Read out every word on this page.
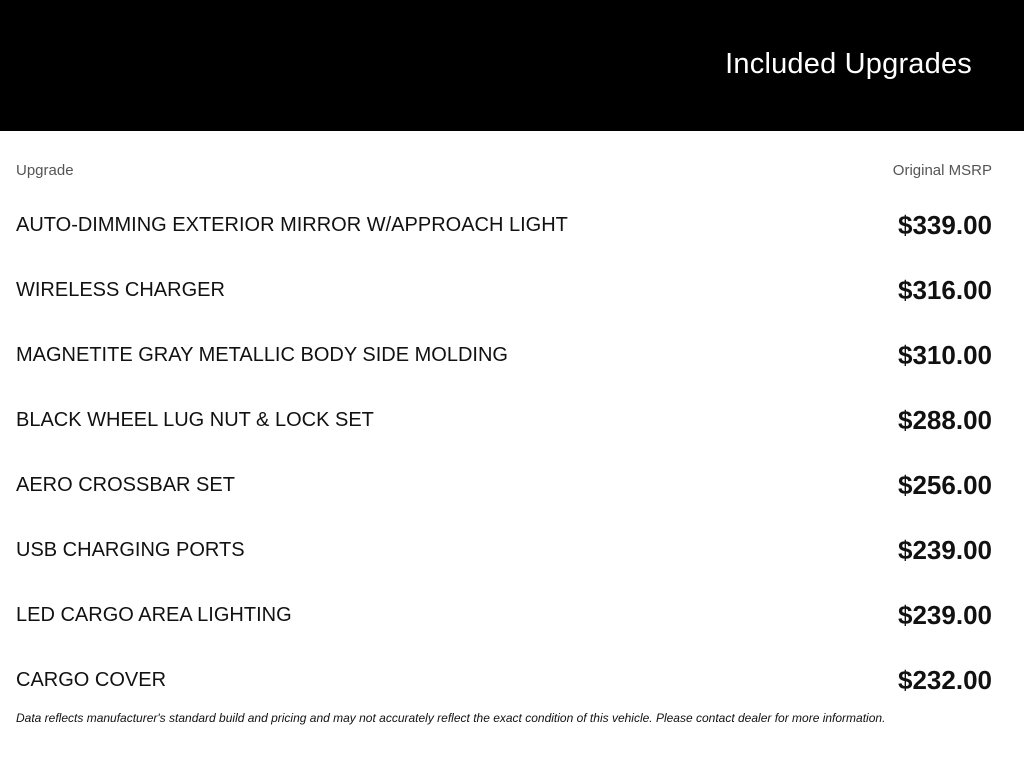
Included Upgrades
Upgrade	Original MSRP
AUTO-DIMMING EXTERIOR MIRROR W/APPROACH LIGHT	$339.00
WIRELESS CHARGER	$316.00
MAGNETITE GRAY METALLIC BODY SIDE MOLDING	$310.00
BLACK WHEEL LUG NUT & LOCK SET	$288.00
AERO CROSSBAR SET	$256.00
USB CHARGING PORTS	$239.00
LED CARGO AREA LIGHTING	$239.00
CARGO COVER	$232.00
Data reflects manufacturer's standard build and pricing and may not accurately reflect the exact condition of this vehicle. Please contact dealer for more information.
